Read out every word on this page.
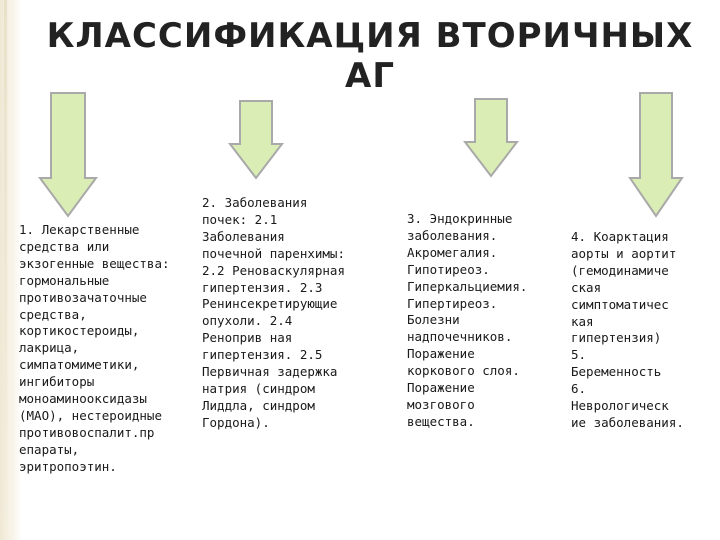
КЛАССИФИКАЦИЯ ВТОРИЧНЫХ АГ

1. Лекарственные средства или
экзогенные вещества:
гормональные противозачаточные
средства, кортикостероиды,
лакрица, симпатомиметики,
ингибиторы моноаминооксидазы
(MAO), нестероидные
противовоспалит.пр
епараты, эритропоэтин.

2. Заболевания
почек: 2.1
Заболевания
почечной паренхимы:
2.2 Реноваскулярная
гипертензия. 2.3
Ренинсекретирующие
опухоли. 2.4
Реноприв ная
гипертензия. 2.5
Первичная задержка
натрия (синдром
Лиддла, синдром
Гордона).

3. Эндокринные
заболевания.
Акромегалия.
Гипотиреоз.
Гиперкальциемия.
Гипертиреоз.
Болезни
надпочечников.
Поражение
коркового слоя.
Поражение
мозгового
вещества.

4. Коарктация
аорты и аортит
(гемодинамиче
ская
симптоматичес
кая
гипертензия)
5.
Беременность
6.
Неврологическ
ие заболевания.
